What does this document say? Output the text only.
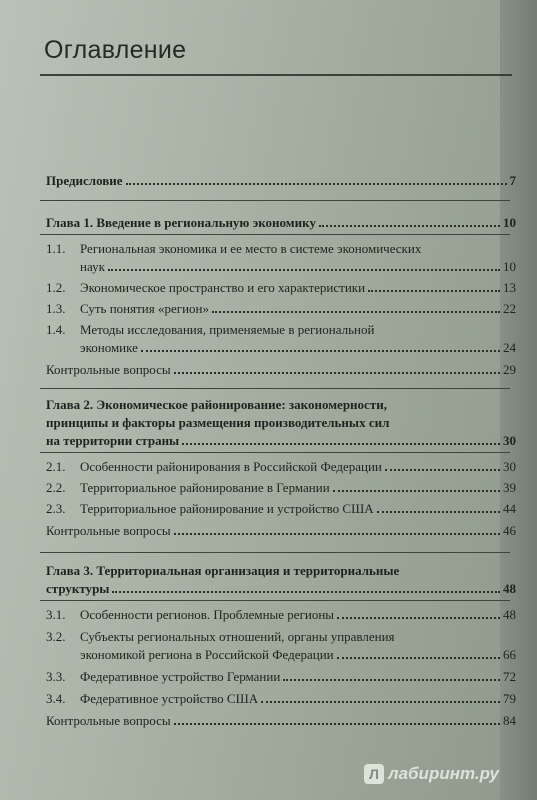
Оглавление
Предисловие	7
Глава 1. Введение в региональную экономику	10
1.1. Региональная экономика и ее место в системе экономических
наук	10
1.2.	Экономическое пространство и его характеристики	13
1.3.	Суть понятия «регион»	22
1.4. Методы исследования, применяемые в региональной
экономике	24
Контрольные вопросы	29
Глава 2. Экономическое районирование: закономерности,
принципы и факторы размещения производительных сил
на территории страны	30
2.1.	Особенности районирования в Российской Федерации	30
2.2.	Территориальное районирование в Германии	39
2.3.	Территориальное районирование и устройство США	44
Контрольные вопросы	46
Глава 3. Территориальная организация и территориальные
структуры	48
3.1.	Особенности регионов. Проблемные регионы	48
3.2. Субъекты региональных отношений, органы управления
экономикой региона в Российской Федерации	66
3.3.	Федеративное устройство Германии	72
3.4.	Федеративное устройство США	79
Контрольные вопросы	84
Л лабиринт.ру
